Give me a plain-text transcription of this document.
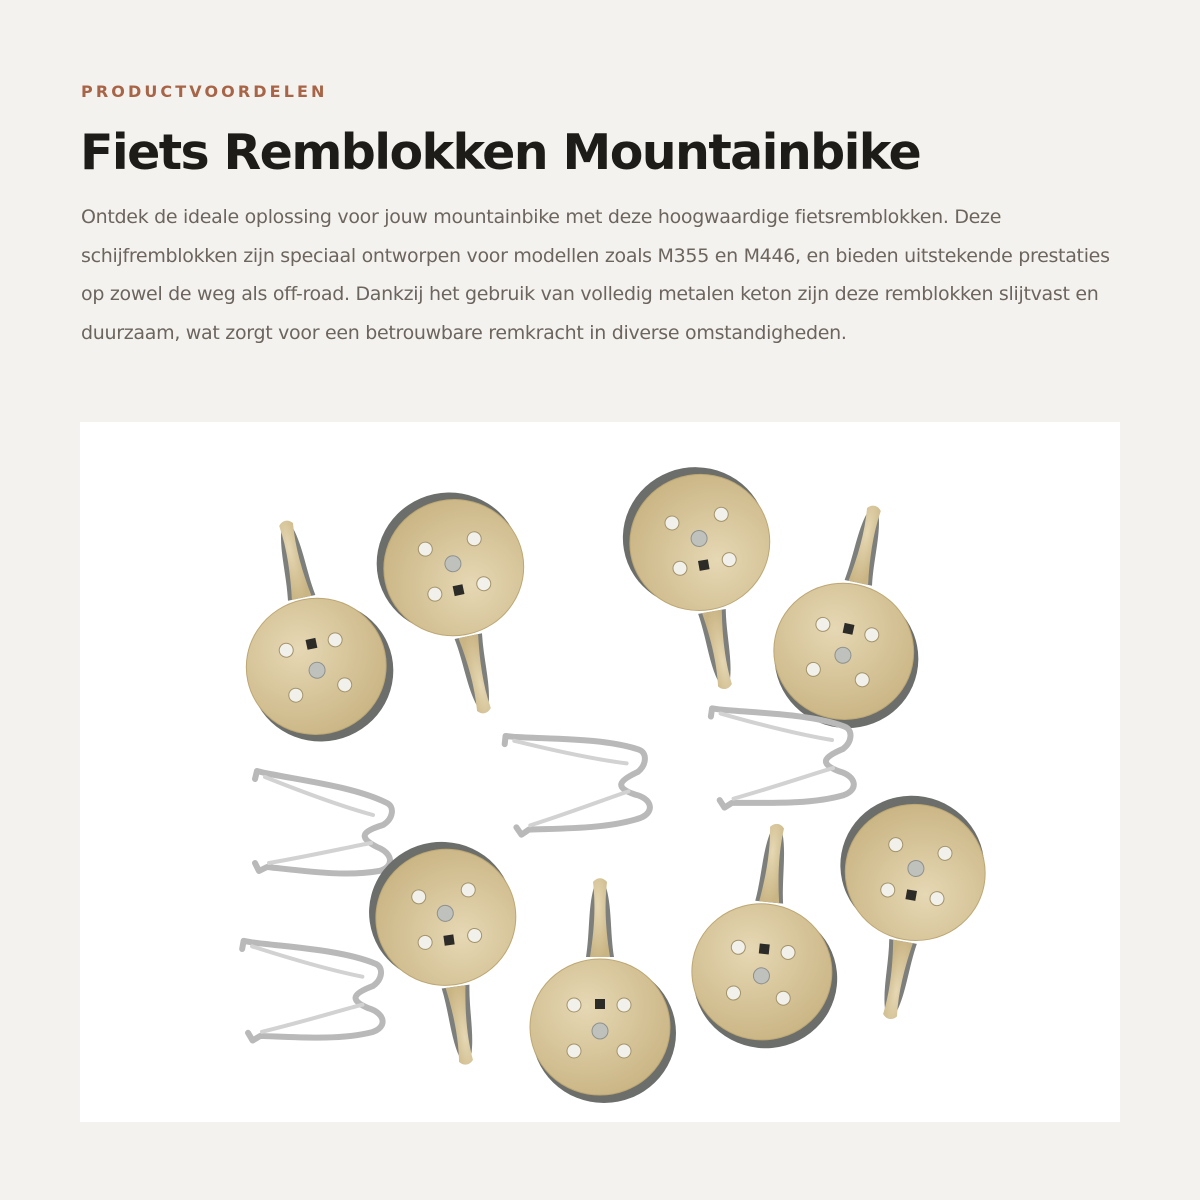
PRODUCTVOORDELEN
Fiets Remblokken Mountainbike

Ontdek de ideale oplossing voor jouw mountainbike met deze hoogwaardige fietsremblokken. Deze schijfremblokken zijn speciaal ontworpen voor modellen zoals M355 en M446, en bieden uitstekende prestaties op zowel de weg als off-road. Dankzij het gebruik van volledig metalen keton zijn deze remblokken slijtvast en duurzaam, wat zorgt voor een betrouwbare remkracht in diverse omstandigheden.
